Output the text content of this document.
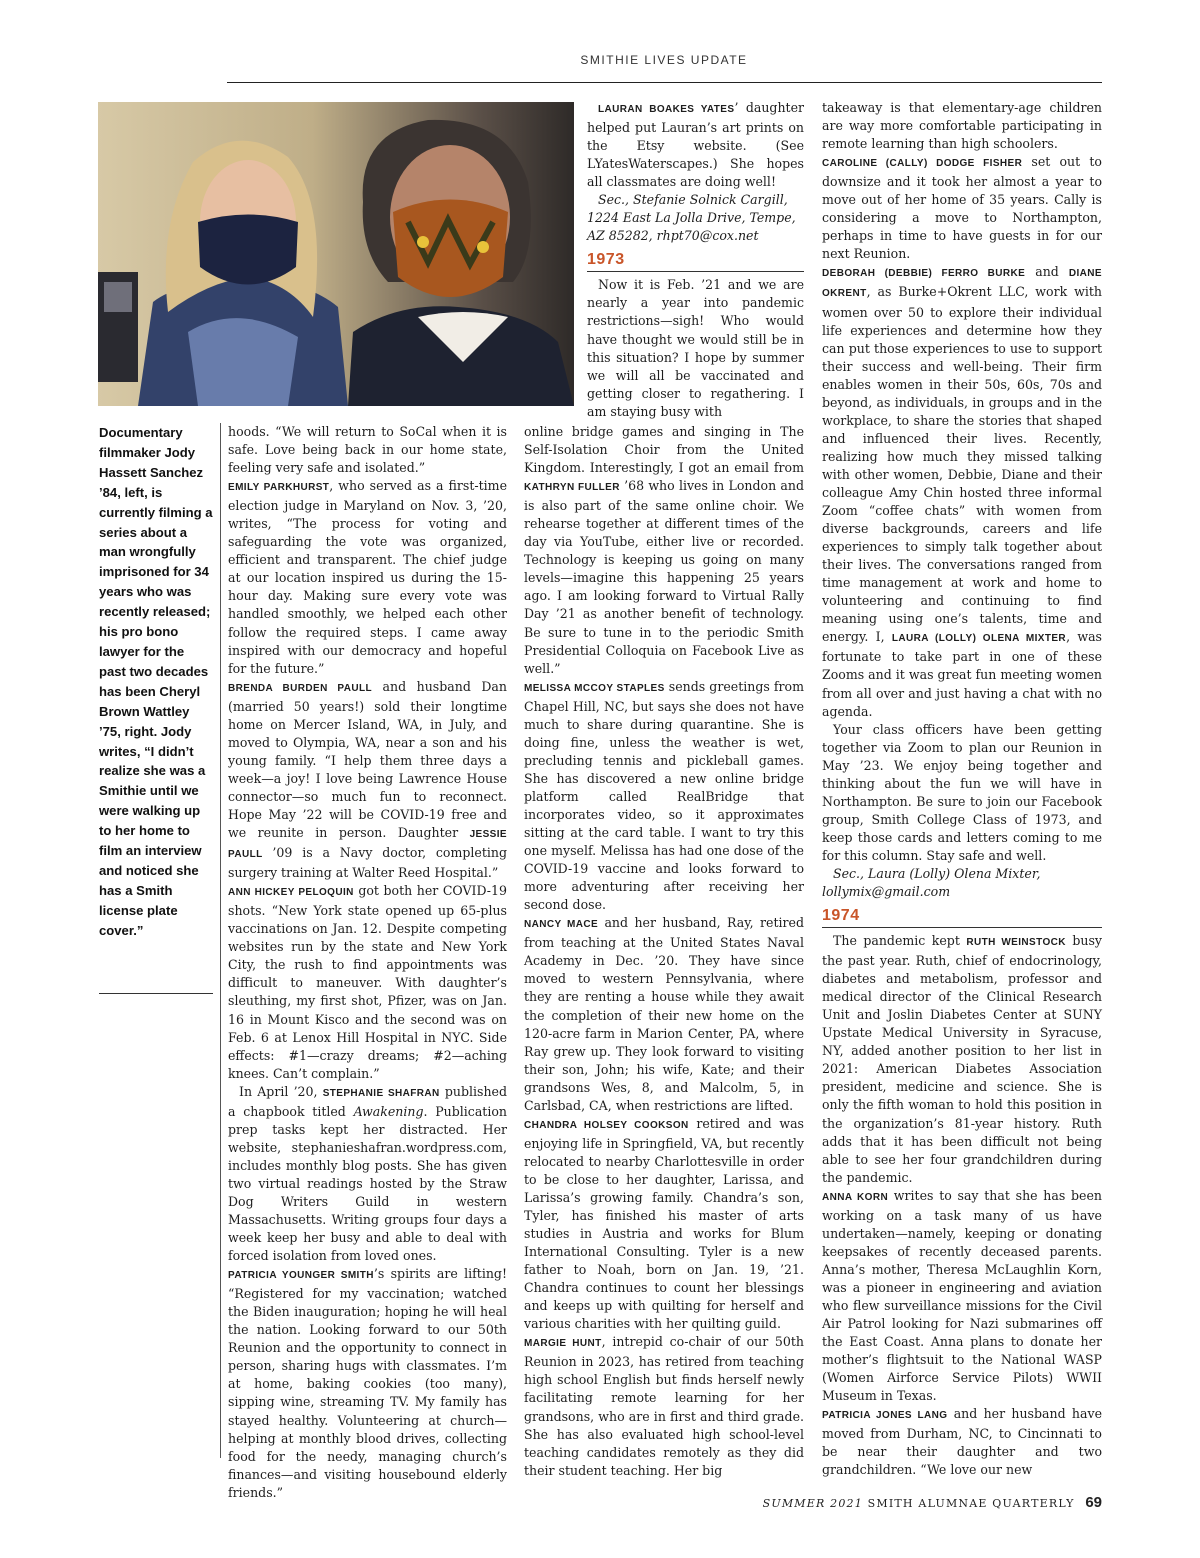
SMITHIE LIVES UPDATE
Documentary filmmaker Jody Hassett Sanchez ’84, left, is currently filming a series about a man wrongfully imprisoned for 34 years who was recently released; his pro bono lawyer for the past two decades has been Cheryl Brown Wattley ’75, right. Jody writes, “I didn’t realize she was a Smithie until we were walking up to her home to film an interview and noticed she has a Smith license plate cover.”

hoods. “We will return to SoCal when it is safe. Love being back in our home state, feeling very safe and isolated.”

EMILY PARKHURST, who served as a first-time election judge in Maryland on Nov. 3, ’20, writes, “The process for voting and safeguarding the vote was organized, efficient and transparent. The chief judge at our location inspired us during the 15-hour day. Making sure every vote was handled smoothly, we helped each other follow the required steps. I came away inspired with our democracy and hopeful for the future.”

BRENDA BURDEN PAULL and husband Dan (married 50 years!) sold their longtime home on Mercer Island, WA, in July, and moved to Olympia, WA, near a son and his young family. “I help them three days a week—a joy! I love being Lawrence House connector—so much fun to reconnect. Hope May ’22 will be COVID-19 free and we reunite in person. Daughter JESSIE PAULL ’09 is a Navy doctor, completing surgery training at Walter Reed Hospital.”

ANN HICKEY PELOQUIN got both her COVID-19 shots. “New York state opened up 65-plus vaccinations on Jan. 12. Despite competing websites run by the state and New York City, the rush to find appointments was difficult to maneuver. With daughter’s sleuthing, my first shot, Pfizer, was on Jan. 16 in Mount Kisco and the second was on Feb. 6 at Lenox Hill Hospital in NYC. Side effects: #1—crazy dreams; #2—aching knees. Can’t complain.”

In April ’20, STEPHANIE SHAFRAN published a chapbook titled Awakening. Publication prep tasks kept her distracted. Her website, stephanieshafran.wordpress.com, includes monthly blog posts. She has given two virtual readings hosted by the Straw Dog Writers Guild in western Massachusetts. Writing groups four days a week keep her busy and able to deal with forced isolation from loved ones.

PATRICIA YOUNGER SMITH’s spirits are lifting! “Registered for my vaccination; watched the Biden inauguration; hoping he will heal the nation. Looking forward to our 50th Reunion and the opportunity to connect in person, sharing hugs with classmates. I’m at home, baking cookies (too many), sipping wine, streaming TV. My family has stayed healthy. Volunteering at church—helping at monthly blood drives, collecting food for the needy, managing church’s finances—and visiting housebound elderly friends.”

LAURAN BOAKES YATES’ daughter helped put Lauran’s art prints on the Etsy website. (See LYatesWaterscapes.) She hopes all classmates are doing well!

Sec., Stefanie Solnick Cargill, 1224 East La Jolla Drive, Tempe, AZ 85282, rhpt70@cox.net

1973

Now it is Feb. ’21 and we are nearly a year into pandemic restrictions—sigh! Who would have thought we would still be in this situation? I hope by summer we will all be vaccinated and getting closer to regathering. I am staying busy with

online bridge games and singing in The Self-Isolation Choir from the United Kingdom. Interestingly, I got an email from KATHRYN FULLER ’68 who lives in London and is also part of the same online choir. We rehearse together at different times of the day via YouTube, either live or recorded. Technology is keeping us going on many levels—imagine this happening 25 years ago. I am looking forward to Virtual Rally Day ’21 as another benefit of technology. Be sure to tune in to the periodic Smith Presidential Colloquia on Facebook Live as well.”

MELISSA MCCOY STAPLES sends greetings from Chapel Hill, NC, but says she does not have much to share during quarantine. She is doing fine, unless the weather is wet, precluding tennis and pickleball games. She has discovered a new online bridge platform called RealBridge that incorporates video, so it approximates sitting at the card table. I want to try this one myself. Melissa has had one dose of the COVID-19 vaccine and looks forward to more adventuring after receiving her second dose.

NANCY MACE and her husband, Ray, retired from teaching at the United States Naval Academy in Dec. ’20. They have since moved to western Pennsylvania, where they are renting a house while they await the completion of their new home on the 120-acre farm in Marion Center, PA, where Ray grew up. They look forward to visiting their son, John; his wife, Kate; and their grandsons Wes, 8, and Malcolm, 5, in Carlsbad, CA, when restrictions are lifted.

CHANDRA HOLSEY COOKSON retired and was enjoying life in Springfield, VA, but recently relocated to nearby Charlottesville in order to be close to her daughter, Larissa, and Larissa’s growing family. Chandra’s son, Tyler, has finished his master of arts studies in Austria and works for Blum International Consulting. Tyler is a new father to Noah, born on Jan. 19, ’21. Chandra continues to count her blessings and keeps up with quilting for herself and various charities with her quilting guild.

MARGIE HUNT, intrepid co-chair of our 50th Reunion in 2023, has retired from teaching high school English but finds herself newly facilitating remote learning for her grandsons, who are in first and third grade. She has also evaluated high school-level teaching candidates remotely as they did their student teaching. Her big

takeaway is that elementary-age children are way more comfortable participating in remote learning than high schoolers.

CAROLINE (CALLY) DODGE FISHER set out to downsize and it took her almost a year to move out of her home of 35 years. Cally is considering a move to Northampton, perhaps in time to have guests in for our next Reunion.

DEBORAH (DEBBIE) FERRO BURKE and DIANE OKRENT, as Burke+Okrent LLC, work with women over 50 to explore their individual life experiences and determine how they can put those experiences to use to support their success and well-being. Their firm enables women in their 50s, 60s, 70s and beyond, as individuals, in groups and in the workplace, to share the stories that shaped and influenced their lives. Recently, realizing how much they missed talking with other women, Debbie, Diane and their colleague Amy Chin hosted three informal Zoom “coffee chats” with women from diverse backgrounds, careers and life experiences to simply talk together about their lives. The conversations ranged from time management at work and home to volunteering and continuing to find meaning using one’s talents, time and energy. I, LAURA (LOLLY) OLENA MIXTER, was fortunate to take part in one of these Zooms and it was great fun meeting women from all over and just having a chat with no agenda.

Your class officers have been getting together via Zoom to plan our Reunion in May ’23. We enjoy being together and thinking about the fun we will have in Northampton. Be sure to join our Facebook group, Smith College Class of 1973, and keep those cards and letters coming to me for this column. Stay safe and well.

Sec., Laura (Lolly) Olena Mixter, lollymix@gmail.com

1974

The pandemic kept RUTH WEINSTOCK busy the past year. Ruth, chief of endocrinology, diabetes and metabolism, professor and medical director of the Clinical Research Unit and Joslin Diabetes Center at SUNY Upstate Medical University in Syracuse, NY, added another position to her list in 2021: American Diabetes Association president, medicine and science. She is only the fifth woman to hold this position in the organization’s 81-year history. Ruth adds that it has been difficult not being able to see her four grandchildren during the pandemic.

ANNA KORN writes to say that she has been working on a task many of us have undertaken—namely, keeping or donating keepsakes of recently deceased parents. Anna’s mother, Theresa McLaughlin Korn, was a pioneer in engineering and aviation who flew surveillance missions for the Civil Air Patrol looking for Nazi submarines off the East Coast. Anna plans to donate her mother’s flightsuit to the National WASP (Women Airforce Service Pilots) WWII Museum in Texas.

PATRICIA JONES LANG and her husband have moved from Durham, NC, to Cincinnati to be near their daughter and two grandchildren. “We love our new

SUMMER 2021 SMITH ALUMNAE QUARTERLY 69
